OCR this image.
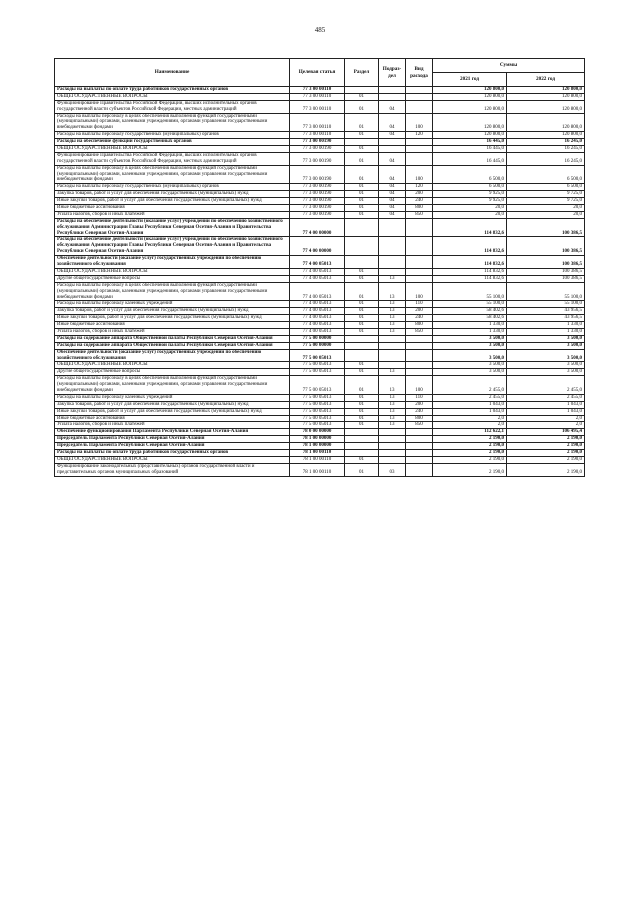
485
Наименование	Целевая статья	Раздел	Подраз-дел	Вид расхода	Суммы	
					2021 год	2022 год
Расходы на выплаты по оплате труда работников государственных органов	77 3 00 00110				120 800,0	120 800,0
ОБЩЕГОСУДАРСТВЕННЫЕ ВОПРОСЫ	77 3 00 00110	01			120 800,0	120 800,0
Функционирование Правительства Российской Федерации, высших исполнительных органов государственной власти субъектов Российской Федерации, местных администраций	77 3 00 00110	01	04		120 800,0	120 800,0
Расходы на выплаты персоналу в целях обеспечения выполнения функций государственными (муниципальными) органами, казенными учреждениями, органами управления государственными внебюджетными фондами	77 3 00 00110	01	04	100	120 800,0	120 800,0
Расходы на выплаты персоналу государственных (муниципальных) органов	77 3 00 00110	01	04	120	120 800,0	120 800,0
Расходы на обеспечение функций государственных органов	77 3 00 00190				16 445,0	16 245,0
ОБЩЕГОСУДАРСТВЕННЫЕ ВОПРОСЫ	77 3 00 00190	01			16 445,0	16 245,0
Функционирование Правительства Российской Федерации, высших исполнительных органов государственной власти субъектов Российской Федерации, местных администраций	77 3 00 00190	01	04		16 445,0	16 245,0
Расходы на выплаты персоналу в целях обеспечения выполнения функций государственными (муниципальными) органами, казенными учреждениями, органами управления государственными внебюджетными фондами	77 3 00 00190	01	04	100	6 500,0	6 500,0
Расходы на выплаты персоналу государственных (муниципальных) органов	77 3 00 00190	01	04	120	6 500,0	6 500,0
Закупка товаров, работ и услуг для обеспечения государственных (муниципальных) нужд	77 3 00 00190	01	04	200	9 925,0	9 725,0
Иные закупки товаров, работ и услуг для обеспечения государственных (муниципальных) нужд	77 3 00 00190	01	04	240	9 925,0	9 725,0
Иные бюджетные ассигнования	77 3 00 00190	01	04	800	20,0	20,0
Уплата налогов, сборов и иных платежей	77 3 00 00190	01	04	850	20,0	20,0
Расходы на обеспечение деятельности (оказание услуг) учреждений по обеспечению хозяйственного обслуживания Администрации Главы Республики Северная Осетия-Алания и Правительства Республики Северная Осетия-Алания	77 4 00 00000				114 832,6	100 386,5
Расходы на обеспечение деятельности (оказание услуг) учреждений по обеспечению хозяйственного обслуживания Администрации Главы Республики Северная Осетия-Алания и Правительства Республики Северная Осетия-Алания	77 4 00 00000				114 832,6	100 386,5
Обеспечение деятельности (оказание услуг) государственных учреждений по обеспечению хозяйственного обслуживания	77 4 00 05013				114 832,6	100 386,5
ОБЩЕГОСУДАРСТВЕННЫЕ ВОПРОСЫ	77 4 00 05013	01			114 832,6	100 386,5
Другие общегосударственные вопросы	77 4 00 05013	01	13		114 832,6	100 386,5
Расходы на выплаты персоналу в целях обеспечения выполнения функций государственными (муниципальными) органами, казенными учреждениями, органами управления государственными внебюджетными фондами	77 4 00 05013	01	13	100	55 100,0	55 100,0
Расходы на выплаты персоналу казенных учреждений	77 4 00 05013	01	13	110	55 100,0	55 100,0
Закупка товаров, работ и услуг для обеспечения государственных (муниципальных) нужд	77 4 00 05013	01	13	200	58 402,6	43 956,5
Иные закупки товаров, работ и услуг для обеспечения государственных (муниципальных) нужд	77 4 00 05013	01	13	240	58 402,6	43 956,5
Иные бюджетные ассигнования	77 4 00 05013	01	13	800	1 330,0	1 330,0
Уплата налогов, сборов и иных платежей	77 4 00 05013	01	13	850	1 330,0	1 330,0
Расходы на содержание аппарата Общественной палаты Республики Северная Осетия-Алания	77 5 00 00000				3 500,0	3 500,0
Расходы на содержание аппарата Общественной палаты Республики Северная Осетия-Алания	77 5 00 00000				3 500,0	3 500,0
Обеспечение деятельности (оказание услуг) государственных учреждений по обеспечению хозяйственного обслуживания	77 5 00 05013				3 500,0	3 500,0
ОБЩЕГОСУДАРСТВЕННЫЕ ВОПРОСЫ	77 5 00 05013	01			3 500,0	3 500,0
Другие общегосударственные вопросы	77 5 00 05013	01	13		3 500,0	3 500,0
Расходы на выплаты персоналу в целях обеспечения выполнения функций государственными (муниципальными) органами, казенными учреждениями, органами управления государственными внебюджетными фондами	77 5 00 05013	01	13	100	2 455,0	2 455,0
Расходы на выплаты персоналу казенных учреждений	77 5 00 05013	01	13	110	2 455,0	2 455,0
Закупка товаров, работ и услуг для обеспечения государственных (муниципальных) нужд	77 5 00 05013	01	13	200	1 043,0	1 043,0
Иные закупки товаров, работ и услуг для обеспечения государственных (муниципальных) нужд	77 5 00 05013	01	13	240	1 043,0	1 043,0
Иные бюджетные ассигнования	77 5 00 05013	01	13	800	2,0	2,0
Уплата налогов, сборов и иных платежей	77 5 00 05013	01	13	850	2,0	2,0
Обеспечение функционирования Парламента Республики Северная Осетия-Алания	78 0 00 00000				112 622,1	106 495,4
Председатель Парламента Республики Северная Осетия-Алания	78 1 00 00000				2 190,0	2 190,0
Председатель Парламента Республики Северная Осетия-Алания	78 1 00 00000				2 190,0	2 190,0
Расходы на выплаты по оплате труда работников государственных органов	78 1 00 00110				2 190,0	2 190,0
ОБЩЕГОСУДАРСТВЕННЫЕ ВОПРОСЫ	78 1 00 00110	01			2 190,0	2 190,0
Функционирование законодательных (представительных) органов государственной власти и представительных органов муниципальных образований	78 1 00 00110	01	03		2 190,0	2 190,0
